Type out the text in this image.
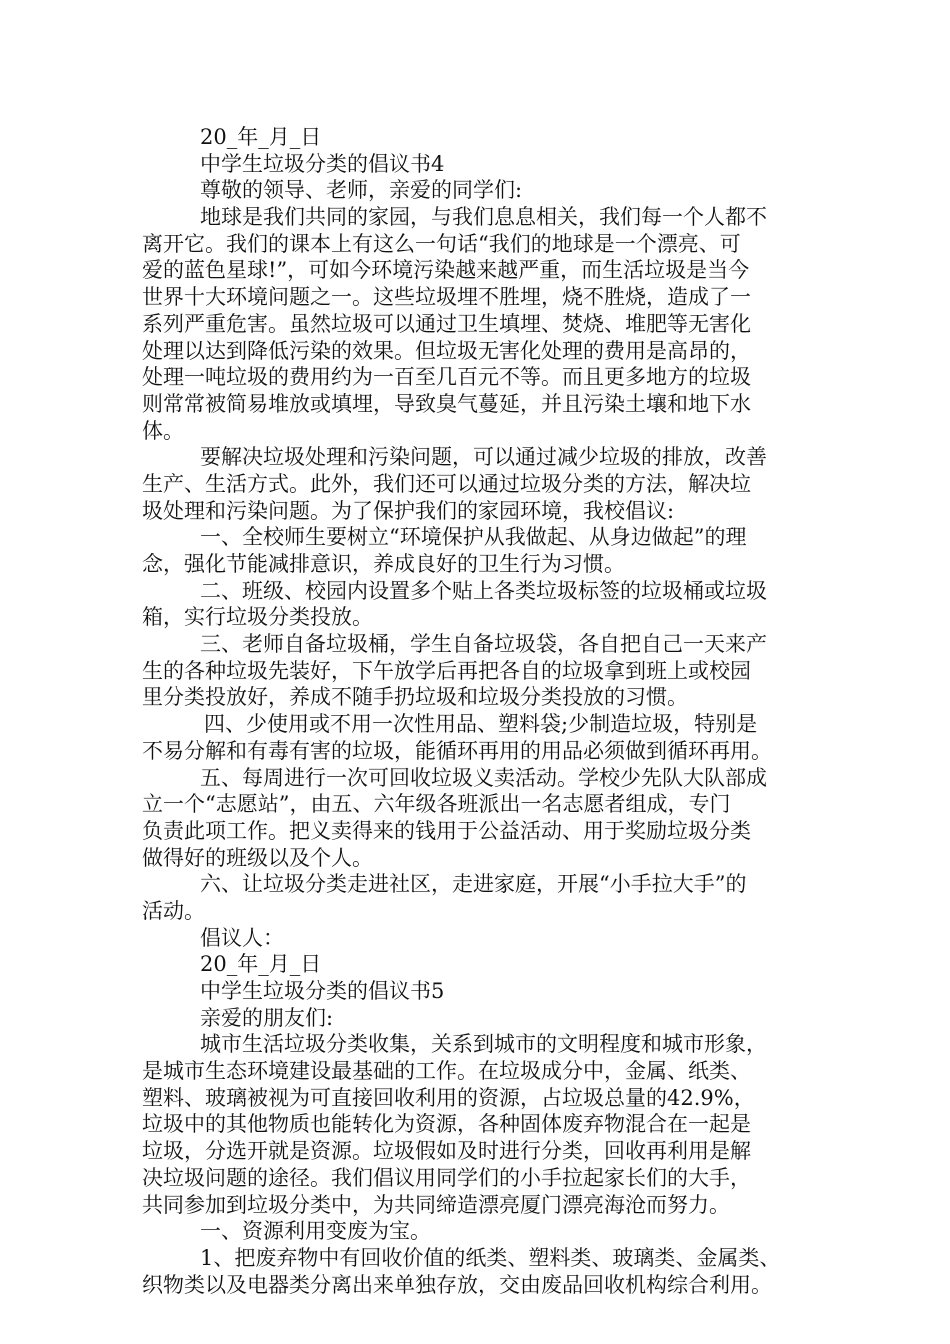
20_年_月_日
中学生垃圾分类的倡议书4
尊敬的领导、老师，亲爱的同学们:
地球是我们共同的家园，与我们息息相关，我们每一个人都不
离开它。我们的课本上有这么一句话“我们的地球是一个漂亮、可
爱的蓝色星球!”，可如今环境污染越来越严重，而生活垃圾是当今
世界十大环境问题之一。这些垃圾埋不胜埋，烧不胜烧，造成了一
系列严重危害。虽然垃圾可以通过卫生填埋、焚烧、堆肥等无害化
处理以达到降低污染的效果。但垃圾无害化处理的费用是高昂的，
处理一吨垃圾的费用约为一百至几百元不等。而且更多地方的垃圾
则常常被简易堆放或填埋，导致臭气蔓延，并且污染土壤和地下水
体。
要解决垃圾处理和污染问题，可以通过减少垃圾的排放，改善
生产、生活方式。此外，我们还可以通过垃圾分类的方法，解决垃
圾处理和污染问题。为了保护我们的家园环境，我校倡议:
一、全校师生要树立“环境保护从我做起、从身边做起”的理
念，强化节能减排意识，养成良好的卫生行为习惯。
二、班级、校园内设置多个贴上各类垃圾标签的垃圾桶或垃圾
箱，实行垃圾分类投放。
三、老师自备垃圾桶，学生自备垃圾袋，各自把自己一天来产
生的各种垃圾先装好，下午放学后再把各自的垃圾拿到班上或校园
里分类投放好，养成不随手扔垃圾和垃圾分类投放的习惯。
四、少使用或不用一次性用品、塑料袋;少制造垃圾，特别是
不易分解和有毒有害的垃圾，能循环再用的用品必须做到循环再用。
五、每周进行一次可回收垃圾义卖活动。学校少先队大队部成
立一个“志愿站”，由五、六年级各班派出一名志愿者组成，专门
负责此项工作。把义卖得来的钱用于公益活动、用于奖励垃圾分类
做得好的班级以及个人。
六、让垃圾分类走进社区，走进家庭，开展“小手拉大手”的
活动。
倡议人：
20_年_月_日
中学生垃圾分类的倡议书5
亲爱的朋友们:
城市生活垃圾分类收集，关系到城市的文明程度和城市形象，
是城市生态环境建设最基础的工作。在垃圾成分中，金属、纸类、
塑料、玻璃被视为可直接回收利用的资源，占垃圾总量的42.9%，
垃圾中的其他物质也能转化为资源，各种固体废弃物混合在一起是
垃圾，分选开就是资源。垃圾假如及时进行分类，回收再利用是解
决垃圾问题的途径。我们倡议用同学们的小手拉起家长们的大手，
共同参加到垃圾分类中，为共同缔造漂亮厦门漂亮海沧而努力。
一、资源利用变废为宝。
1、把废弃物中有回收价值的纸类、塑料类、玻璃类、金属类、
织物类以及电器类分离出来单独存放，交由废品回收机构综合利用。
